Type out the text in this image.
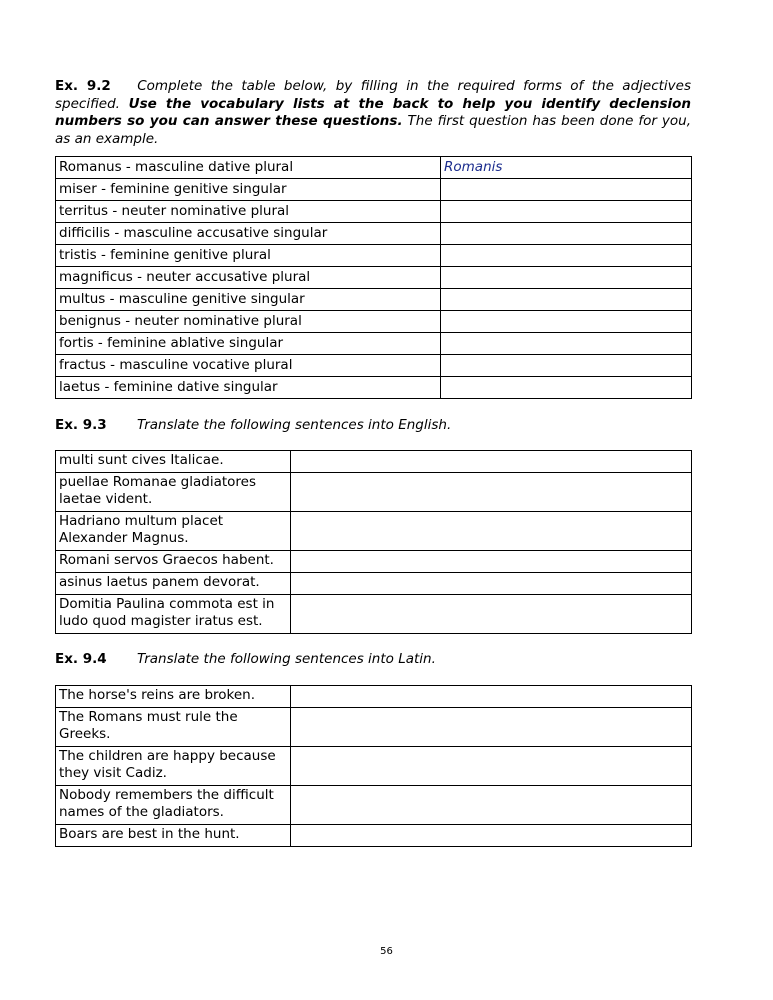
Ex. 9.2 Complete the table below, by filling in the required forms of the adjectives specified. Use the vocabulary lists at the back to help you identify declension numbers so you can answer these questions. The first question has been done for you, as an example.

Romanus - masculine dative plural	Romanis
miser - feminine genitive singular	
territus - neuter nominative plural	
difficilis - masculine accusative singular	
tristis - feminine genitive plural	
magnificus - neuter accusative plural	
multus - masculine genitive singular	
benignus - neuter nominative plural	
fortis - feminine ablative singular	
fractus - masculine vocative plural	
laetus - feminine dative singular	

Ex. 9.3 Translate the following sentences into English.

multi sunt cives Italicae.	
puellae Romanae gladiatores laetae vident.	
Hadriano multum placet Alexander Magnus.	
Romani servos Graecos habent.	
asinus laetus panem devorat.	
Domitia Paulina commota est in ludo quod magister iratus est.	

Ex. 9.4 Translate the following sentences into Latin.

The horse's reins are broken.	
The Romans must rule the Greeks.	
The children are happy because they visit Cadiz.	
Nobody remembers the difficult names of the gladiators.	
Boars are best in the hunt.	
56
